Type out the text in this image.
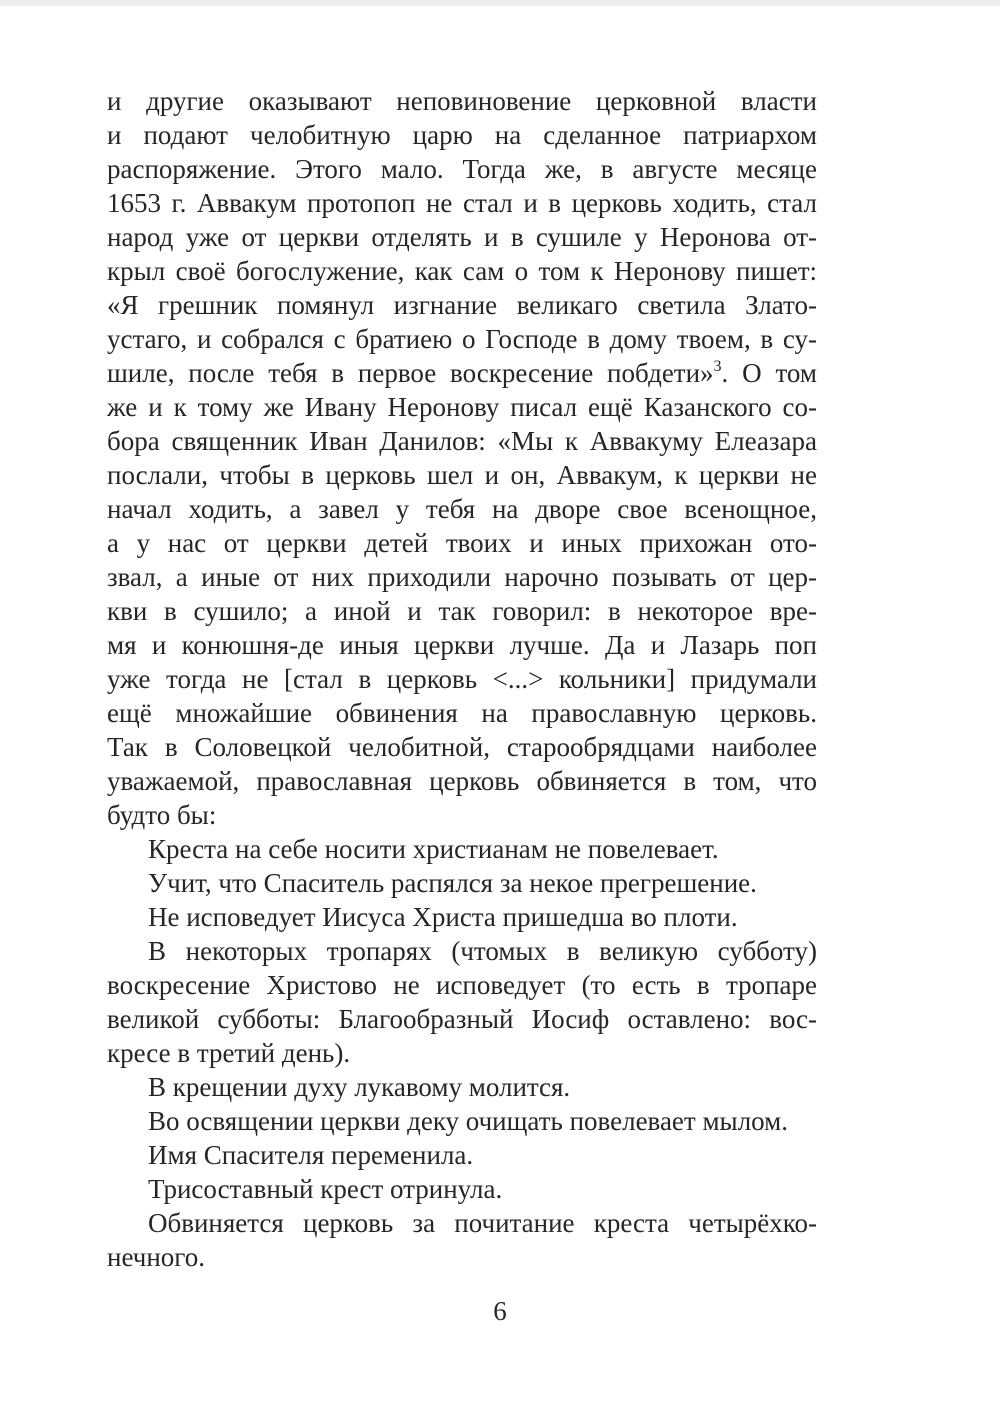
и другие оказывают неповиновение церковной власти
и подают челобитную царю на сделанное патриархом
распоряжение. Этого мало. Тогда же, в августе месяце
1653 г. Аввакум протопоп не стал и в церковь ходить, стал
народ уже от церкви отделять и в сушиле у Неронова от-
крыл своё богослужение, как сам о том к Неронову пишет:
«Я грешник помянул изгнание великаго светила Злато-
устаго, и собрался с братиею о Господе в дому твоем, в су-
шиле, после тебя в первое воскресение побдети»$^3$. О том
же и к тому же Ивану Неронову писал ещё Казанского со-
бора священник Иван Данилов: «Мы к Аввакуму Елеазара
послали, чтобы в церковь шел и он, Аввакум, к церкви не
начал ходить, а завел у тебя на дворе свое всенощное,
а у нас от церкви детей твоих и иных прихожан ото-
звал, а иные от них приходили нарочно позывать от цер-
кви в сушило; а иной и так говорил: в некоторое вре-
мя и конюшня-де иныя церкви лучше. Да и Лазарь поп
уже тогда не [стал в церковь <...> кольники] придумали
ещё множайшие обвинения на православную церковь.
Так в Соловецкой челобитной, старообрядцами наиболее
уважаемой, православная церковь обвиняется в том, что
будто бы:
Креста на себе носити христианам не повелевает.
Учит, что Спаситель распялся за некое прегрешение.
Не исповедует Иисуса Христа пришедша во плоти.
В некоторых тропарях (чтомых в великую субботу)
воскресение Христово не исповедует (то есть в тропаре
великой субботы: Благообразный Иосиф оставлено: вос-
кресе в третий день).
В крещении духу лукавому молится.
Во освящении церкви деку очищать повелевает мылом.
Имя Спасителя переменила.
Трисоставный крест отринула.
Обвиняется церковь за почитание креста четырёхко-
нечного.
6
